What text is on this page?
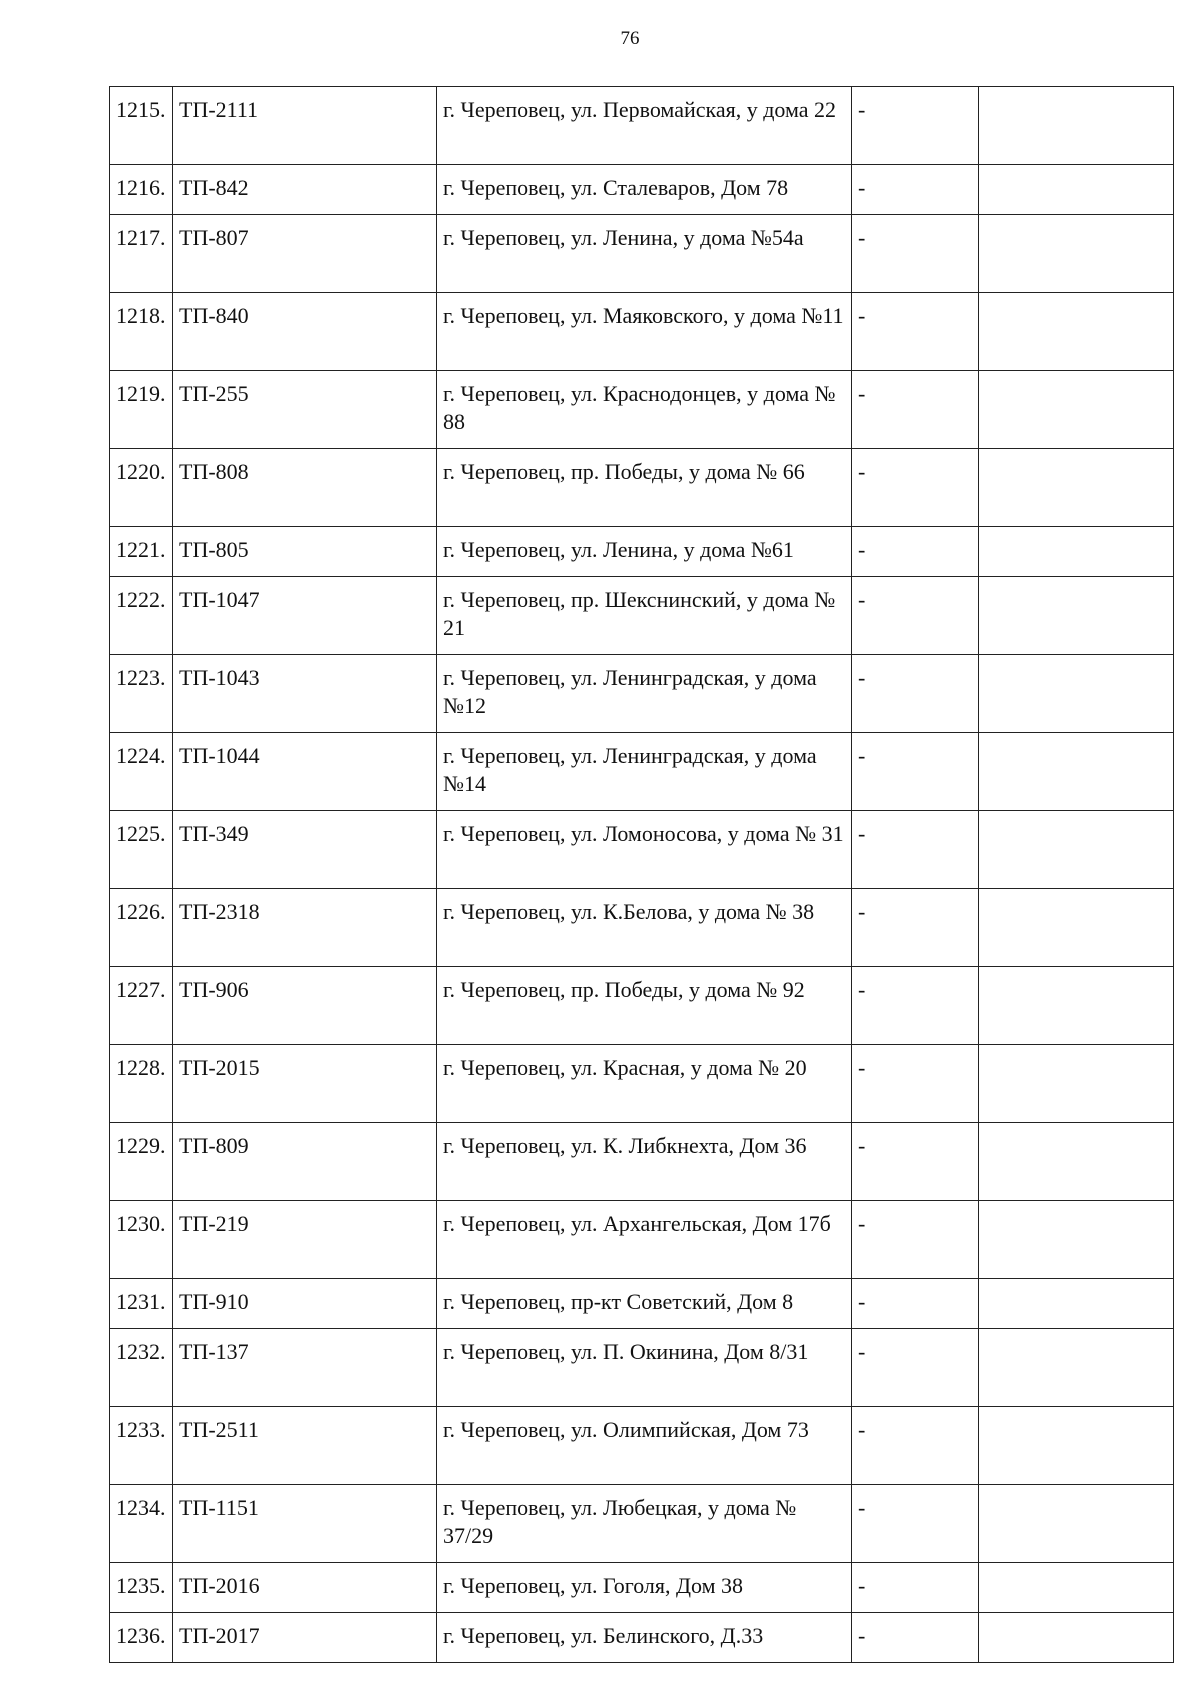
76
1215.	ТП-2111	г. Череповец, ул. Первомайская, у дома 22	-	
1216.	ТП-842	г. Череповец, ул. Сталеваров, Дом 78	-	
1217.	ТП-807	г. Череповец, ул. Ленина, у дома №54а	-	
1218.	ТП-840	г. Череповец, ул. Маяковского, у дома №11	-	
1219.	ТП-255	г. Череповец, ул. Краснодонцев, у дома № 88	-	
1220.	ТП-808	г. Череповец, пр. Победы, у дома № 66	-	
1221.	ТП-805	г. Череповец, ул. Ленина, у дома №61	-	
1222.	ТП-1047	г. Череповец, пр. Шекснинский, у дома № 21	-	
1223.	ТП-1043	г. Череповец, ул. Ленинградская, у дома №12	-	
1224.	ТП-1044	г. Череповец, ул. Ленинградская, у дома №14	-	
1225.	ТП-349	г. Череповец, ул. Ломоносова, у дома № 31	-	
1226.	ТП-2318	г. Череповец, ул. К.Белова, у дома № 38	-	
1227.	ТП-906	г. Череповец, пр. Победы, у дома № 92	-	
1228.	ТП-2015	г. Череповец, ул. Красная, у дома № 20	-	
1229.	ТП-809	г. Череповец, ул. К. Либкнехта, Дом 36	-	
1230.	ТП-219	г. Череповец, ул. Архангельская, Дом 17б	-	
1231.	ТП-910	г. Череповец, пр-кт Советский, Дом 8	-	
1232.	ТП-137	г. Череповец, ул. П. Окинина, Дом 8/31	-	
1233.	ТП-2511	г. Череповец, ул. Олимпийская, Дом 73	-	
1234.	ТП-1151	г. Череповец, ул. Любецкая, у дома № 37/29	-	
1235.	ТП-2016	г. Череповец, ул. Гоголя, Дом 38	-	
1236.	ТП-2017	г. Череповец, ул. Белинского, Д.33	-	
